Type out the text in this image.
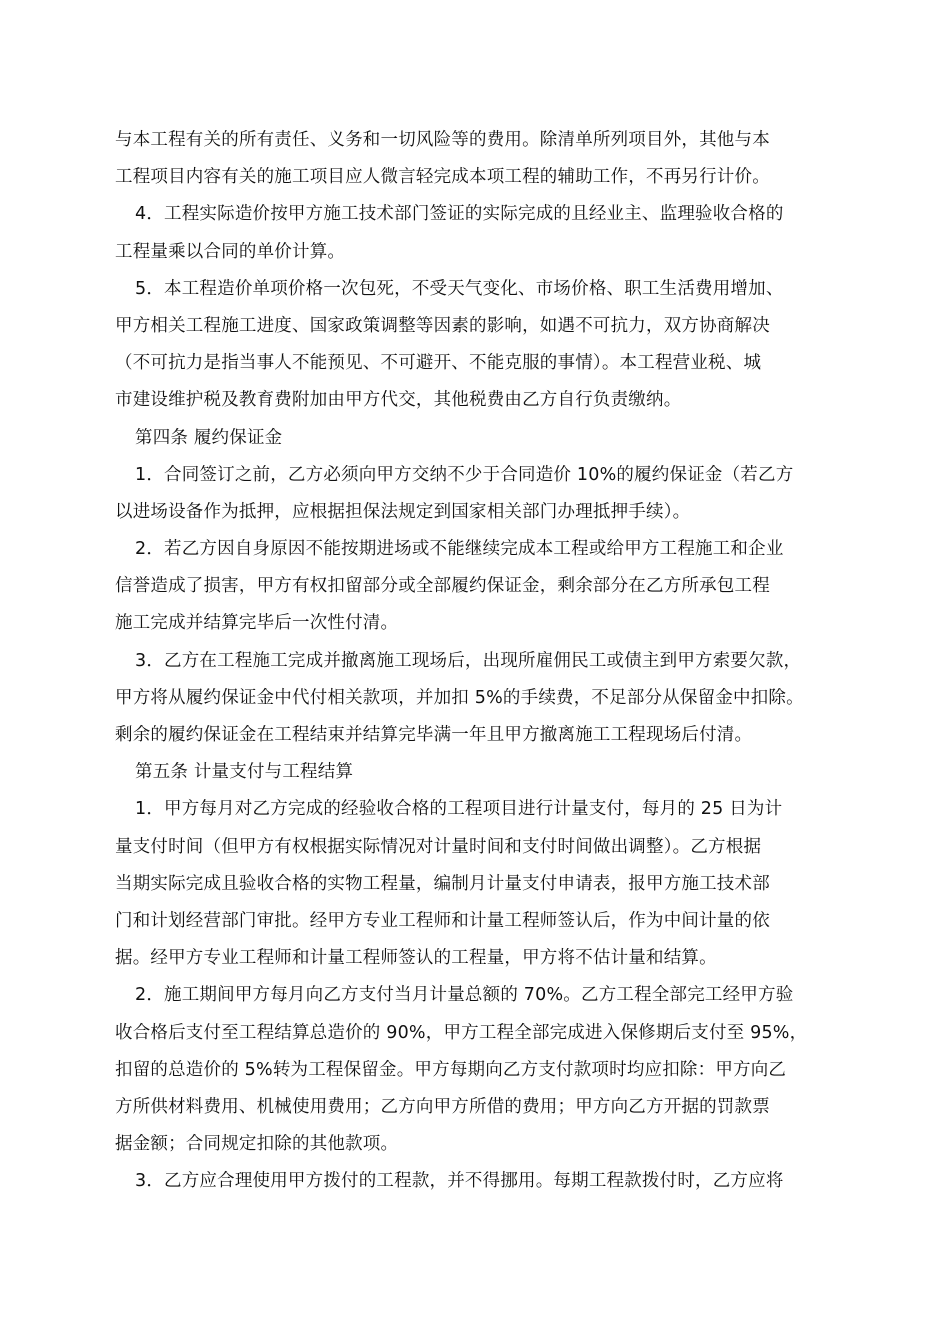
与本工程有关的所有责任、义务和一切风险等的费用。除清单所列项目外，其他与本
工程项目内容有关的施工项目应人微言轻完成本项工程的辅助工作，不再另行计价。
4．工程实际造价按甲方施工技术部门签证的实际完成的且经业主、监理验收合格的
工程量乘以合同的单价计算。
5．本工程造价单项价格一次包死，不受天气变化、市场价格、职工生活费用增加、
甲方相关工程施工进度、国家政策调整等因素的影响，如遇不可抗力，双方协商解决
（不可抗力是指当事人不能预见、不可避开、不能克服的事情）。本工程营业税、城
市建设维护税及教育费附加由甲方代交，其他税费由乙方自行负责缴纳。
第四条 履约保证金
1．合同签订之前，乙方必须向甲方交纳不少于合同造价 10%的履约保证金（若乙方
以进场设备作为抵押，应根据担保法规定到国家相关部门办理抵押手续）。
2．若乙方因自身原因不能按期进场或不能继续完成本工程或给甲方工程施工和企业
信誉造成了损害，甲方有权扣留部分或全部履约保证金，剩余部分在乙方所承包工程
施工完成并结算完毕后一次性付清。
3．乙方在工程施工完成并撤离施工现场后，出现所雇佣民工或债主到甲方索要欠款，
甲方将从履约保证金中代付相关款项，并加扣 5%的手续费，不足部分从保留金中扣除。
剩余的履约保证金在工程结束并结算完毕满一年且甲方撤离施工工程现场后付清。
第五条 计量支付与工程结算
1．甲方每月对乙方完成的经验收合格的工程项目进行计量支付，每月的 25 日为计
量支付时间（但甲方有权根据实际情况对计量时间和支付时间做出调整）。乙方根据
当期实际完成且验收合格的实物工程量，编制月计量支付申请表，报甲方施工技术部
门和计划经营部门审批。经甲方专业工程师和计量工程师签认后，作为中间计量的依
据。经甲方专业工程师和计量工程师签认的工程量，甲方将不估计量和结算。
2．施工期间甲方每月向乙方支付当月计量总额的 70%。乙方工程全部完工经甲方验
收合格后支付至工程结算总造价的 90%，甲方工程全部完成进入保修期后支付至 95%，
扣留的总造价的 5%转为工程保留金。甲方每期向乙方支付款项时均应扣除：甲方向乙
方所供材料费用、机械使用费用；乙方向甲方所借的费用；甲方向乙方开据的罚款票
据金额；合同规定扣除的其他款项。
3．乙方应合理使用甲方拨付的工程款，并不得挪用。每期工程款拨付时，乙方应将
